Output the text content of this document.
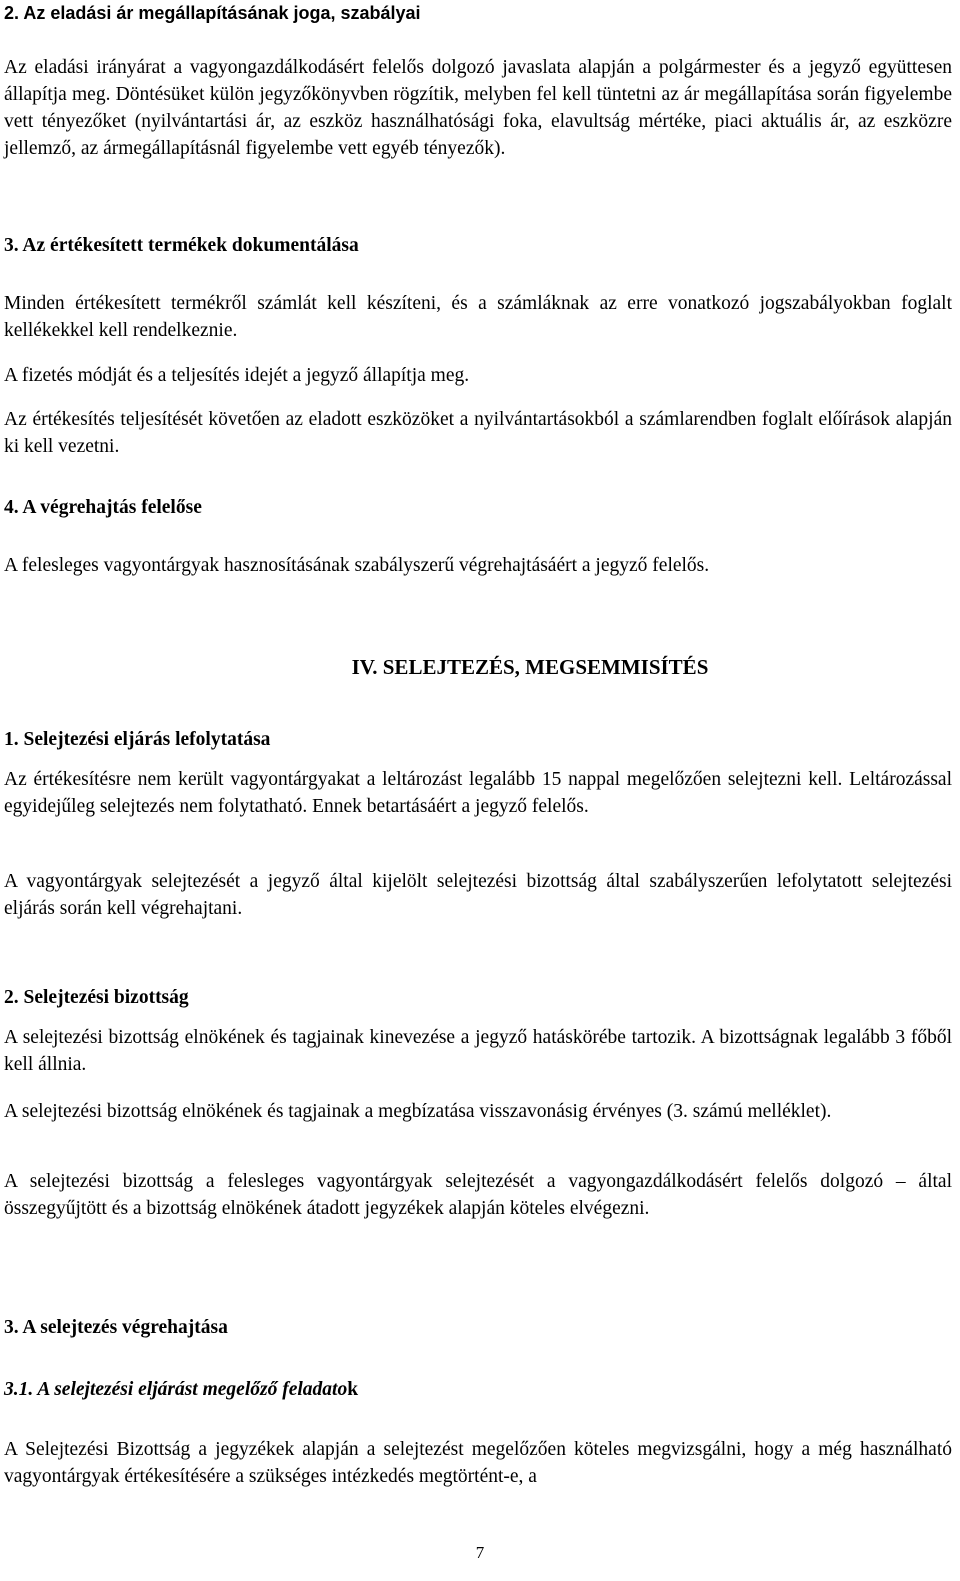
2. Az eladási ár megállapításának joga, szabályai
Az eladási irányárat a vagyongazdálkodásért felelős dolgozó javaslata alapján a polgármester és a jegyző együttesen állapítja meg. Döntésüket külön jegyzőkönyvben rögzítik, melyben fel kell tüntetni az ár megállapítása során figyelembe vett tényezőket (nyilvántartási ár, az eszköz használhatósági foka, elavultság mértéke, piaci aktuális ár, az eszközre jellemző, az ármegállapításnál figyelembe vett egyéb tényezők).
3. Az értékesített termékek dokumentálása
Minden értékesített termékről számlát kell készíteni, és a számláknak az erre vonatkozó jogszabályokban foglalt kellékekkel kell rendelkeznie.
A fizetés módját és a teljesítés idejét a jegyző állapítja meg.
Az értékesítés teljesítését követően az eladott eszközöket a nyilvántartásokból a számlarendben foglalt előírások alapján ki kell vezetni.
4. A végrehajtás felelőse
A felesleges vagyontárgyak hasznosításának szabályszerű végrehajtásáért a jegyző felelős.
IV. SELEJTEZÉS, MEGSEMMISÍTÉS
1. Selejtezési eljárás lefolytatása
Az értékesítésre nem került vagyontárgyakat a leltározást legalább 15 nappal megelőzően selejtezni kell. Leltározással egyidejűleg selejtezés nem folytatható. Ennek betartásáért a jegyző felelős.
A vagyontárgyak selejtezését a jegyző által kijelölt selejtezési bizottság által szabályszerűen lefolytatott selejtezési eljárás során kell végrehajtani.
2. Selejtezési bizottság
A selejtezési bizottság elnökének és tagjainak kinevezése a jegyző hatáskörébe tartozik. A bizottságnak legalább 3 főből kell állnia.
A selejtezési bizottság elnökének és tagjainak a megbízatása visszavonásig érvényes (3. számú melléklet).
A selejtezési bizottság a felesleges vagyontárgyak selejtezését a vagyongazdálkodásért felelős dolgozó – által összegyűjtött és a bizottság elnökének átadott jegyzékek alapján köteles elvégezni.
3. A selejtezés végrehajtása
3.1. A selejtezési eljárást megelőző feladatok
A Selejtezési Bizottság a jegyzékek alapján a selejtezést megelőzően köteles megvizsgálni, hogy a még használható vagyontárgyak értékesítésére a szükséges intézkedés megtörtént-e, a
7
